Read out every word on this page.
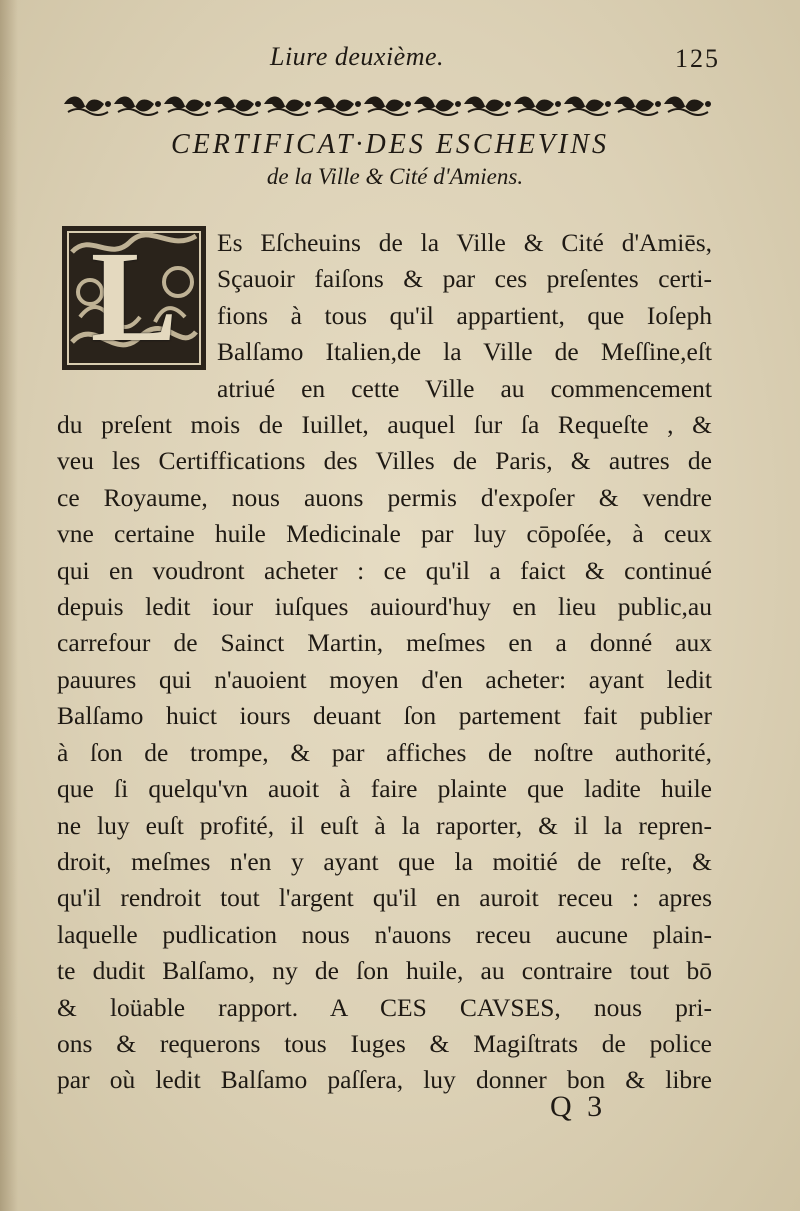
Liure deuxième.	125
CERTIFICAT·DES ESCHEVINS
de la Ville & Cité d'Amiens.
L	Es Eſcheuins de la Ville & Cité d'Amiēs,
Sçauoir faiſons & par ces preſentes certi-
fions à tous qu'il appartient, que Ioſeph
Balſamo Italien,de la Ville de Meſſine,eſt
atriué en cette Ville au commencement
du preſent mois de Iuillet, auquel ſur ſa Requeſte , &
veu les Certiffications des Villes de Paris, & autres de
ce Royaume, nous auons permis d'expoſer & vendre
vne certaine huile Medicinale par luy cōpoſée, à ceux
qui en voudront acheter : ce qu'il a faict & continué
depuis ledit iour iuſques auiourd'huy en lieu public,au
carrefour de Sainct Martin, meſmes en a donné aux
pauures qui n'auoient moyen d'en acheter: ayant ledit
Balſamo huict iours deuant ſon partement fait publier
à ſon de trompe, & par affiches de noſtre authorité,
que ſi quelqu'vn auoit à faire plainte que ladite huile
ne luy euſt profité, il euſt à la raporter, & il la repren-
droit, meſmes n'en y ayant que la moitié de reſte, &
qu'il rendroit tout l'argent qu'il en auroit receu : apres
laquelle pudlication nous n'auons receu aucune plain-
te dudit Balſamo, ny de ſon huile, au contraire tout bō
& loüable rapport. A CES CAVSES, nous pri-
ons & requerons tous Iuges & Magiſtrats de police
par où ledit Balſamo paſſera, luy donner bon & libre
Q 3
